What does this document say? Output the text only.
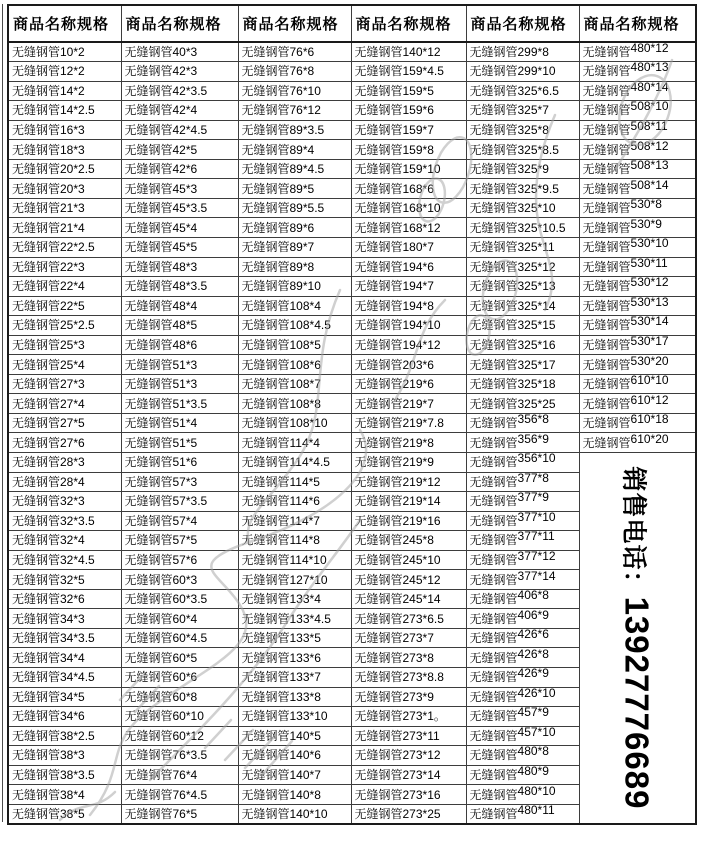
商品名称规格	商品名称规格	商品名称规格	商品名称规格	商品名称规格	商品名称规格
无缝钢管10*2	无缝钢管40*3	无缝钢管76*6	无缝钢管140*12	无缝钢管299*8	无缝钢管480*12
无缝钢管12*2	无缝钢管42*3	无缝钢管76*8	无缝钢管159*4.5	无缝钢管299*10	无缝钢管480*13
无缝钢管14*2	无缝钢管42*3.5	无缝钢管76*10	无缝钢管159*5	无缝钢管325*6.5	无缝钢管480*14
无缝钢管14*2.5	无缝钢管42*4	无缝钢管76*12	无缝钢管159*6	无缝钢管325*7	无缝钢管508*10
无缝钢管16*3	无缝钢管42*4.5	无缝钢管89*3.5	无缝钢管159*7	无缝钢管325*8	无缝钢管508*11
无缝钢管18*3	无缝钢管42*5	无缝钢管89*4	无缝钢管159*8	无缝钢管325*8.5	无缝钢管508*12
无缝钢管20*2.5	无缝钢管42*6	无缝钢管89*4.5	无缝钢管159*10	无缝钢管325*9	无缝钢管508*13
无缝钢管20*3	无缝钢管45*3	无缝钢管89*5	无缝钢管168*6	无缝钢管325*9.5	无缝钢管508*14
无缝钢管21*3	无缝钢管45*3.5	无缝钢管89*5.5	无缝钢管168*10	无缝钢管325*10	无缝钢管530*8
无缝钢管21*4	无缝钢管45*4	无缝钢管89*6	无缝钢管168*12	无缝钢管325*10.5	无缝钢管530*9
无缝钢管22*2.5	无缝钢管45*5	无缝钢管89*7	无缝钢管180*7	无缝钢管325*11	无缝钢管530*10
无缝钢管22*3	无缝钢管48*3	无缝钢管89*8	无缝钢管194*6	无缝钢管325*12	无缝钢管530*11
无缝钢管22*4	无缝钢管48*3.5	无缝钢管89*10	无缝钢管194*7	无缝钢管325*13	无缝钢管530*12
无缝钢管22*5	无缝钢管48*4	无缝钢管108*4	无缝钢管194*8	无缝钢管325*14	无缝钢管530*13
无缝钢管25*2.5	无缝钢管48*5	无缝钢管108*4.5	无缝钢管194*10	无缝钢管325*15	无缝钢管530*14
无缝钢管25*3	无缝钢管48*6	无缝钢管108*5	无缝钢管194*12	无缝钢管325*16	无缝钢管530*17
无缝钢管25*4	无缝钢管51*3	无缝钢管108*6	无缝钢管203*6	无缝钢管325*17	无缝钢管530*20
无缝钢管27*3	无缝钢管51*3	无缝钢管108*7	无缝钢管219*6	无缝钢管325*18	无缝钢管610*10
无缝钢管27*4	无缝钢管51*3.5	无缝钢管108*8	无缝钢管219*7	无缝钢管325*25	无缝钢管610*12
无缝钢管27*5	无缝钢管51*4	无缝钢管108*10	无缝钢管219*7.8	无缝钢管356*8	无缝钢管610*18
无缝钢管27*6	无缝钢管51*5	无缝钢管114*4	无缝钢管219*8	无缝钢管356*9	无缝钢管610*20
无缝钢管28*3	无缝钢管51*6	无缝钢管114*4.5	无缝钢管219*9	无缝钢管356*10	销售电话：13927776689

无缝钢管28*4	无缝钢管57*3	无缝钢管114*5	无缝钢管219*12	无缝钢管377*8	
无缝钢管32*3	无缝钢管57*3.5	无缝钢管114*6	无缝钢管219*14	无缝钢管377*9	
无缝钢管32*3.5	无缝钢管57*4	无缝钢管114*7	无缝钢管219*16	无缝钢管377*10	
无缝钢管32*4	无缝钢管57*5	无缝钢管114*8	无缝钢管245*8	无缝钢管377*11	
无缝钢管32*4.5	无缝钢管57*6	无缝钢管114*10	无缝钢管245*10	无缝钢管377*12	
无缝钢管32*5	无缝钢管60*3	无缝钢管127*10	无缝钢管245*12	无缝钢管377*14	
无缝钢管32*6	无缝钢管60*3.5	无缝钢管133*4	无缝钢管245*14	无缝钢管406*8	
无缝钢管34*3	无缝钢管60*4	无缝钢管133*4.5	无缝钢管273*6.5	无缝钢管406*9	
无缝钢管34*3.5	无缝钢管60*4.5	无缝钢管133*5	无缝钢管273*7	无缝钢管426*6	
无缝钢管34*4	无缝钢管60*5	无缝钢管133*6	无缝钢管273*8	无缝钢管426*8	
无缝钢管34*4.5	无缝钢管60*6	无缝钢管133*7	无缝钢管273*8.8	无缝钢管426*9	
无缝钢管34*5	无缝钢管60*8	无缝钢管133*8	无缝钢管273*9	无缝钢管426*10	
无缝钢管34*6	无缝钢管60*10	无缝钢管133*10	无缝钢管273*1。	无缝钢管457*9	
无缝钢管38*2.5	无缝钢管60*12	无缝钢管140*5	无缝钢管273*11	无缝钢管457*10	
无缝钢管38*3	无缝钢管76*3.5	无缝钢管140*6	无缝钢管273*12	无缝钢管480*8	
无缝钢管38*3.5	无缝钢管76*4	无缝钢管140*7	无缝钢管273*14	无缝钢管480*9	
无缝钢管38*4	无缝钢管76*4.5	无缝钢管140*8	无缝钢管273*16	无缝钢管480*10	
无缝钢管38*5	无缝钢管76*5	无缝钢管140*10	无缝钢管273*25	无缝钢管480*11	
